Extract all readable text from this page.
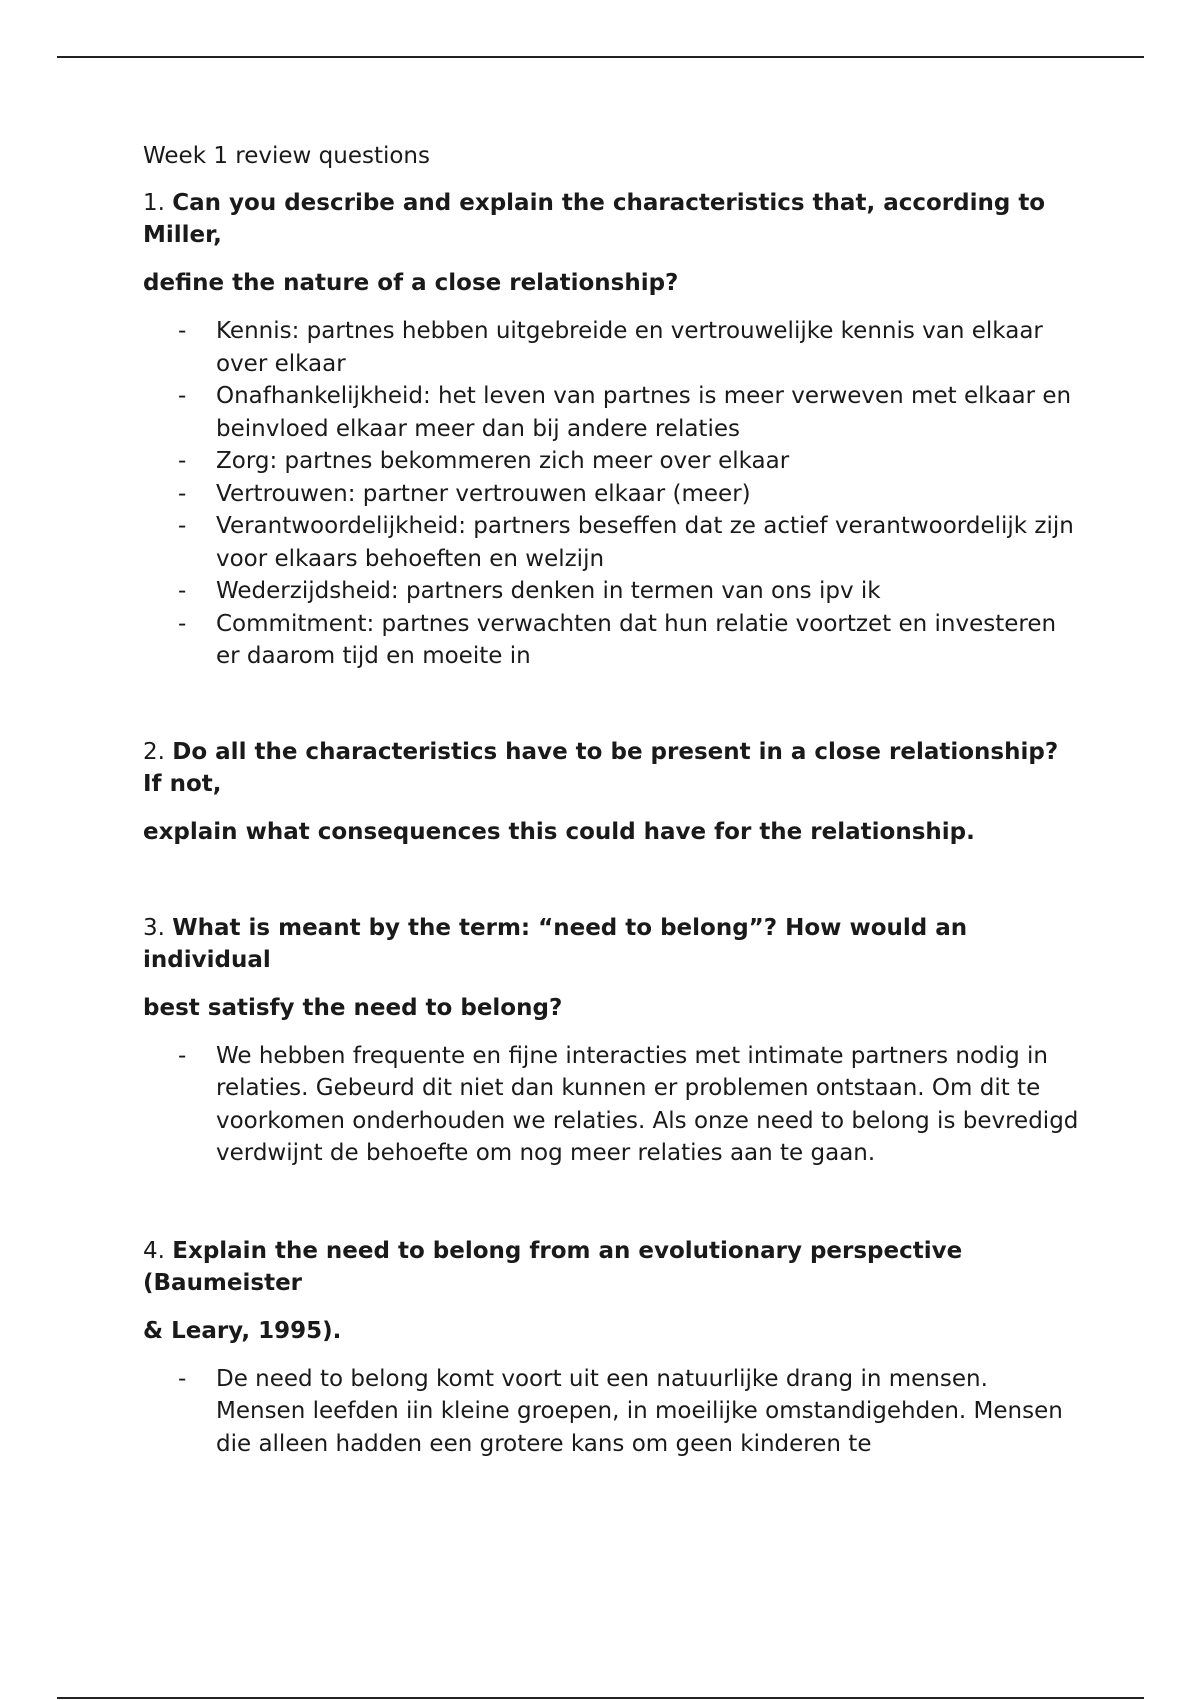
Week 1 review questions

1. Can you describe and explain the characteristics that, according to Miller,

define the nature of a close relationship?

- Kennis: partnes hebben uitgebreide en vertrouwelijke kennis van elkaar over elkaar
- Onafhankelijkheid: het leven van partnes is meer verweven met elkaar en beinvloed elkaar meer dan bij andere relaties
- Zorg: partnes bekommeren zich meer over elkaar
- Vertrouwen: partner vertrouwen elkaar (meer)
- Verantwoordelijkheid: partners beseffen dat ze actief verantwoordelijk zijn voor elkaars behoeften en welzijn
- Wederzijdsheid: partners denken in termen van ons ipv ik
- Commitment: partnes verwachten dat hun relatie voortzet en investeren er daarom tijd en moeite in

2. Do all the characteristics have to be present in a close relationship? If not,

explain what consequences this could have for the relationship.

3. What is meant by the term: “need to belong”? How would an individual

best satisfy the need to belong?

- We hebben frequente en fijne interacties met intimate partners nodig in relaties. Gebeurd dit niet dan kunnen er problemen ontstaan. Om dit te voorkomen onderhouden we relaties. Als onze need to belong is bevredigd verdwijnt de behoefte om nog meer relaties aan te gaan.

4. Explain the need to belong from an evolutionary perspective (Baumeister

& Leary, 1995).

- De need to belong komt voort uit een natuurlijke drang in mensen. Mensen leefden iin kleine groepen, in moeilijke omstandigehden. Mensen die alleen hadden een grotere kans om geen kinderen te
